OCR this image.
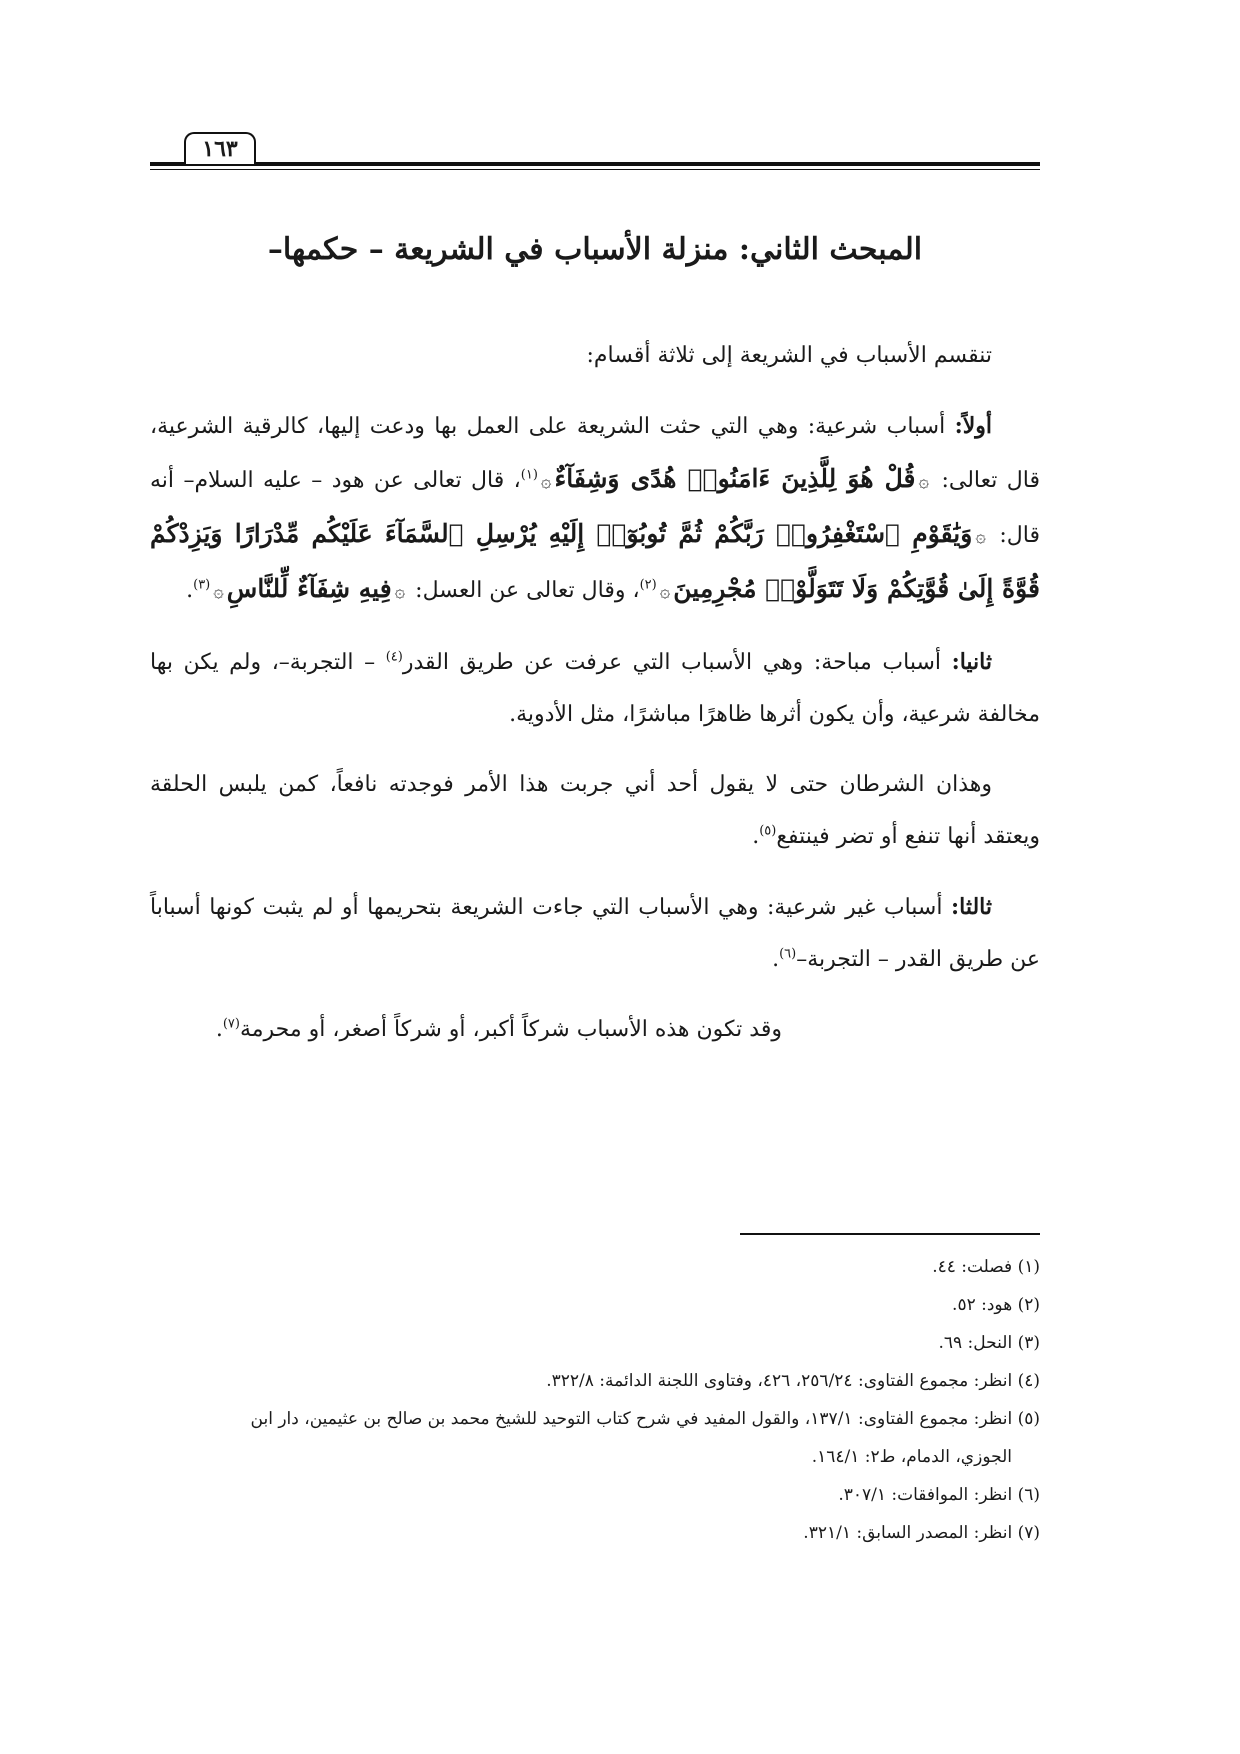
١٦٣
المبحث الثاني: منزلة الأسباب في الشريعة – حكمها–

تنقسم الأسباب في الشريعة إلى ثلاثة أقسام:

أولاً: أسباب شرعية: وهي التي حثت الشريعة على العمل بها ودعت إليها، كالرقية الشرعية، قال تعالى: ۞قُلْ هُوَ لِلَّذِينَ ءَامَنُوا۟ هُدًى وَشِفَآءٌ۞$^{(١)}$، قال تعالى عن هود – عليه السلام– أنه قال: ۞وَيَٰقَوْمِ ٱسْتَغْفِرُوا۟ رَبَّكُمْ ثُمَّ تُوبُوٓا۟ إِلَيْهِ يُرْسِلِ ٱلسَّمَآءَ عَلَيْكُم مِّدْرَارًا وَيَزِدْكُمْ قُوَّةً إِلَىٰ قُوَّتِكُمْ وَلَا تَتَوَلَّوْا۟ مُجْرِمِينَ۞$^{(٢)}$، وقال تعالى عن العسل: ۞فِيهِ شِفَآءٌ لِّلنَّاسِ۞$^{(٣)}$.

ثانيا: أسباب مباحة: وهي الأسباب التي عرفت عن طريق القدر$^{(٤)}$ – التجربة–، ولم يكن بها مخالفة شرعية، وأن يكون أثرها ظاهرًا مباشرًا، مثل الأدوية.

وهذان الشرطان حتى لا يقول أحد أني جربت هذا الأمر فوجدته نافعاً، كمن يلبس الحلقة ويعتقد أنها تنفع أو تضر فينتفع$^{(٥)}$.

ثالثا: أسباب غير شرعية: وهي الأسباب التي جاءت الشريعة بتحريمها أو لم يثبت كونها أسباباً عن طريق القدر – التجربة–$^{(٦)}$.

وقد تكون هذه الأسباب شركاً أكبر، أو شركاً أصغر، أو محرمة$^{(٧)}$.

(١) فصلت: ٤٤.

(٢) هود: ٥٢.

(٣) النحل: ٦٩.

(٤) انظر: مجموع الفتاوى: ٢٥٦/٢٤، ٤٢٦، وفتاوى اللجنة الدائمة: ٣٢٢/٨.

(٥) انظر: مجموع الفتاوى: ١٣٧/١، والقول المفيد في شرح كتاب التوحيد للشيخ محمد بن صالح بن عثيمين، دار ابن
الجوزي، الدمام، ط٢: ١٦٤/١.

(٦) انظر: الموافقات: ٣٠٧/١.

(٧) انظر: المصدر السابق: ٣٢١/١.
